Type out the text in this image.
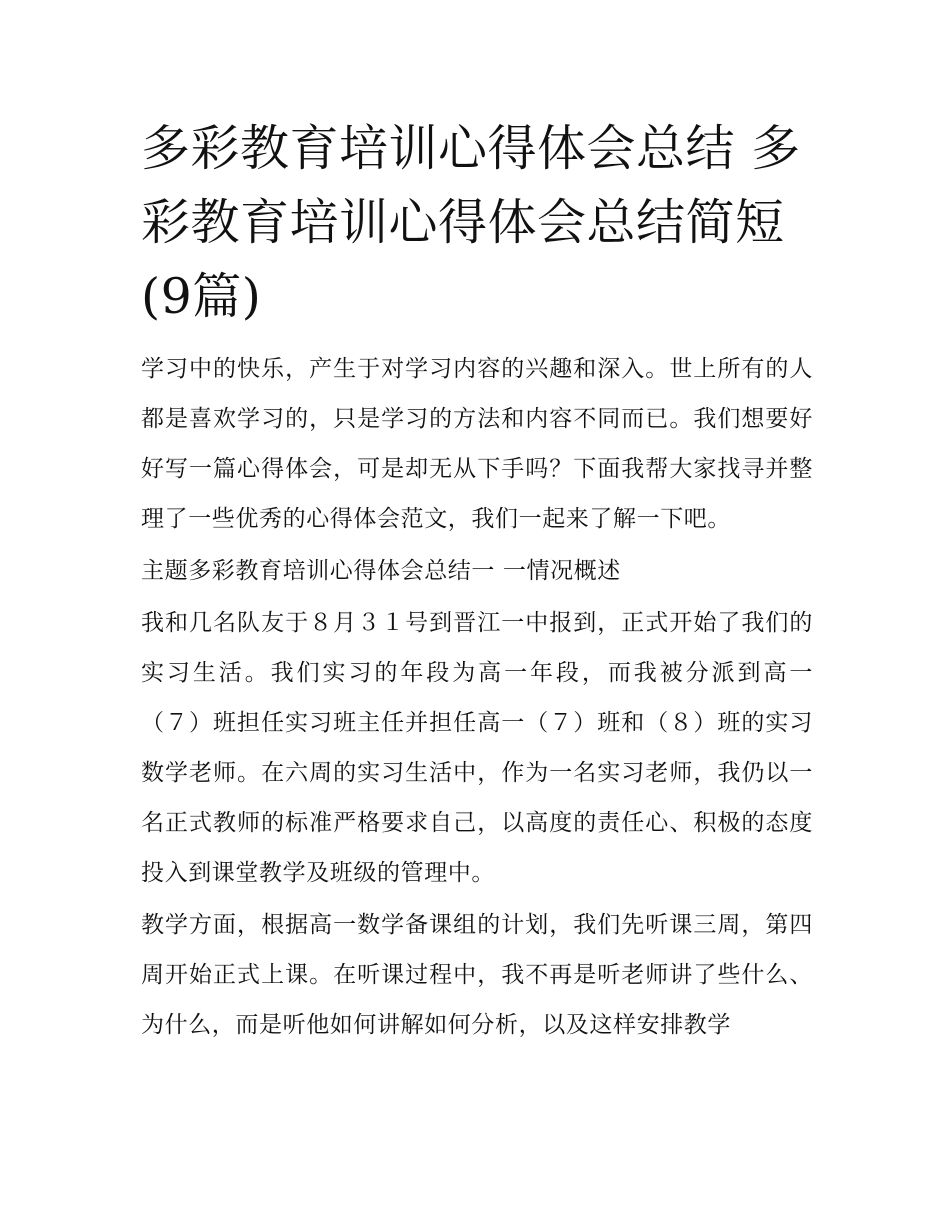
多彩教育培训心得体会总结 多彩教育培训心得体会总结简短(9篇)

学习中的快乐，产生于对学习内容的兴趣和深入。世上所有的人都是喜欢学习的，只是学习的方法和内容不同而已。我们想要好好写一篇心得体会，可是却无从下手吗？下面我帮大家找寻并整理了一些优秀的心得体会范文，我们一起来了解一下吧。

主题多彩教育培训心得体会总结一 一情况概述

我和几名队友于８月３１号到晋江一中报到，正式开始了我们的实习生活。我们实习的年段为高一年段，而我被分派到高一（７）班担任实习班主任并担任高一（７）班和（８）班的实习数学老师。在六周的实习生活中，作为一名实习老师，我仍以一名正式教师的标准严格要求自己，以高度的责任心、积极的态度投入到课堂教学及班级的管理中。

教学方面，根据高一数学备课组的计划，我们先听课三周，第四周开始正式上课。在听课过程中，我不再是听老师讲了些什么、为什么，而是听他如何讲解如何分析，以及这样安排教学
